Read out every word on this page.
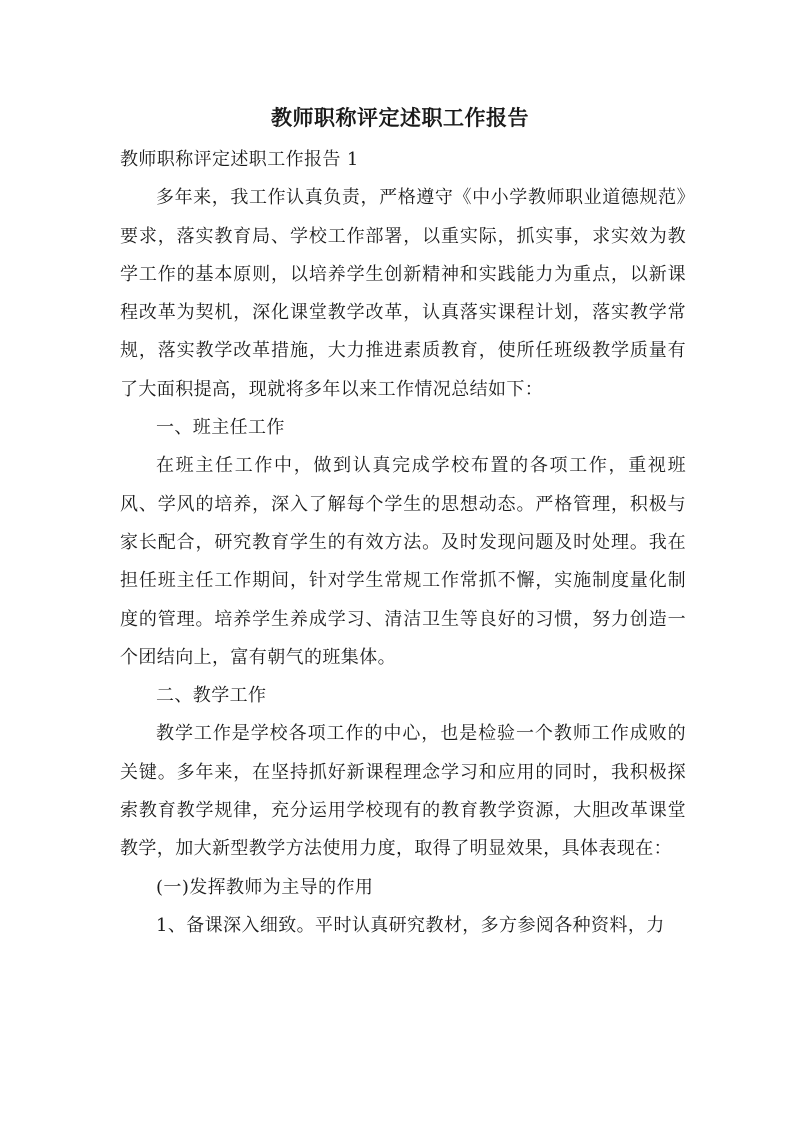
教师职称评定述职工作报告

教师职称评定述职工作报告 1

多年来，我工作认真负责，严格遵守《中小学教师职业道德规范》要求，落实教育局、学校工作部署，以重实际，抓实事，求实效为教学工作的基本原则，以培养学生创新精神和实践能力为重点，以新课程改革为契机，深化课堂教学改革，认真落实课程计划，落实教学常规，落实教学改革措施，大力推进素质教育，使所任班级教学质量有了大面积提高，现就将多年以来工作情况总结如下：

一、班主任工作

在班主任工作中，做到认真完成学校布置的各项工作，重视班风、学风的培养，深入了解每个学生的思想动态。严格管理，积极与家长配合，研究教育学生的有效方法。及时发现问题及时处理。我在担任班主任工作期间，针对学生常规工作常抓不懈，实施制度量化制度的管理。培养学生养成学习、清洁卫生等良好的习惯，努力创造一个团结向上，富有朝气的班集体。

二、教学工作

教学工作是学校各项工作的中心，也是检验一个教师工作成败的关键。多年来，在坚持抓好新课程理念学习和应用的同时，我积极探索教育教学规律，充分运用学校现有的教育教学资源，大胆改革课堂教学，加大新型教学方法使用力度，取得了明显效果，具体表现在：

(一)发挥教师为主导的作用

1、备课深入细致。平时认真研究教材，多方参阅各种资料，力
